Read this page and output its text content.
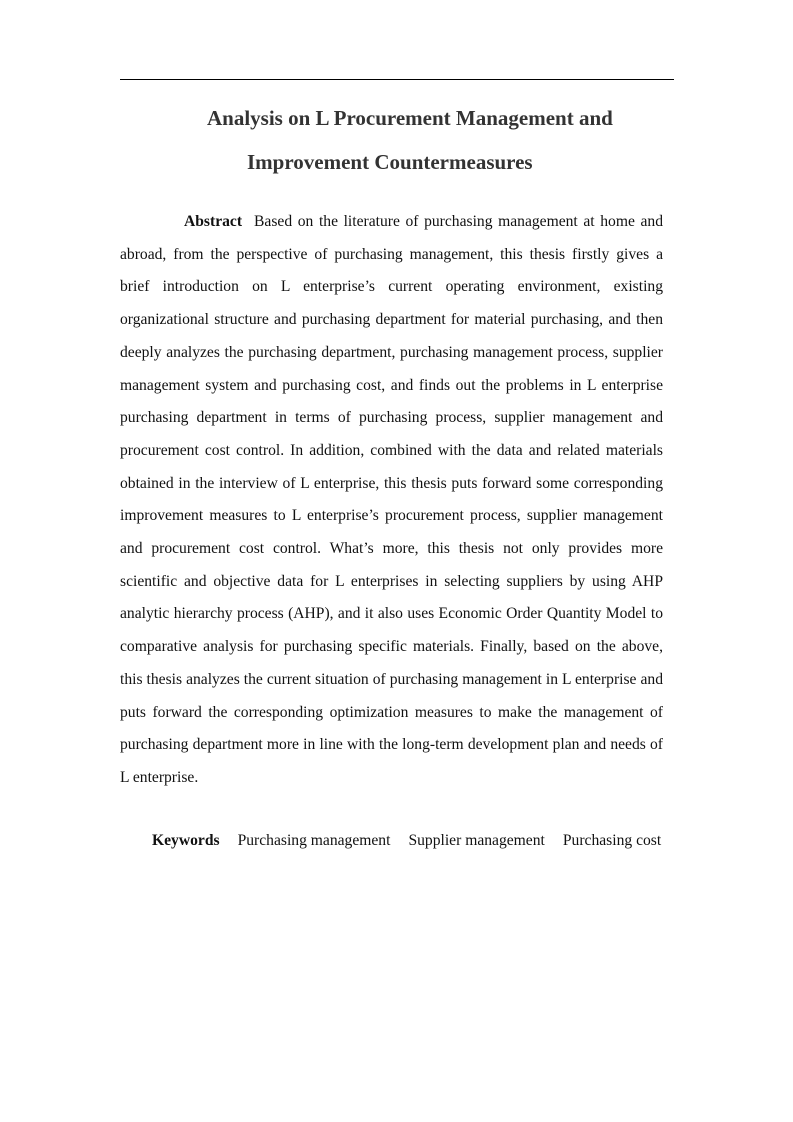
Analysis on L Procurement Management and
Improvement Countermeasures

Abstract Based on the literature of purchasing management at home and abroad, from the perspective of purchasing management, this thesis firstly gives a brief introduction on L enterprise’s current operating environment, existing organizational structure and purchasing department for material purchasing, and then deeply analyzes the purchasing department, purchasing management process, supplier management system and purchasing cost, and finds out the problems in L enterprise purchasing department in terms of purchasing process, supplier management and procurement cost control. In addition, combined with the data and related materials obtained in the interview of L enterprise, this thesis puts forward some corresponding improvement measures to L enterprise’s procurement process, supplier management and procurement cost control. What’s more, this thesis not only provides more scientific and objective data for L enterprises in selecting suppliers by using AHP analytic hierarchy process (AHP), and it also uses Economic Order Quantity Model to comparative analysis for purchasing specific materials. Finally, based on the above, this thesis analyzes the current situation of purchasing management in L enterprise and puts forward the corresponding optimization measures to make the management of purchasing department more in line with the long-term development plan and needs of L enterprise.

Keywords Purchasing management Supplier management Purchasing cost
